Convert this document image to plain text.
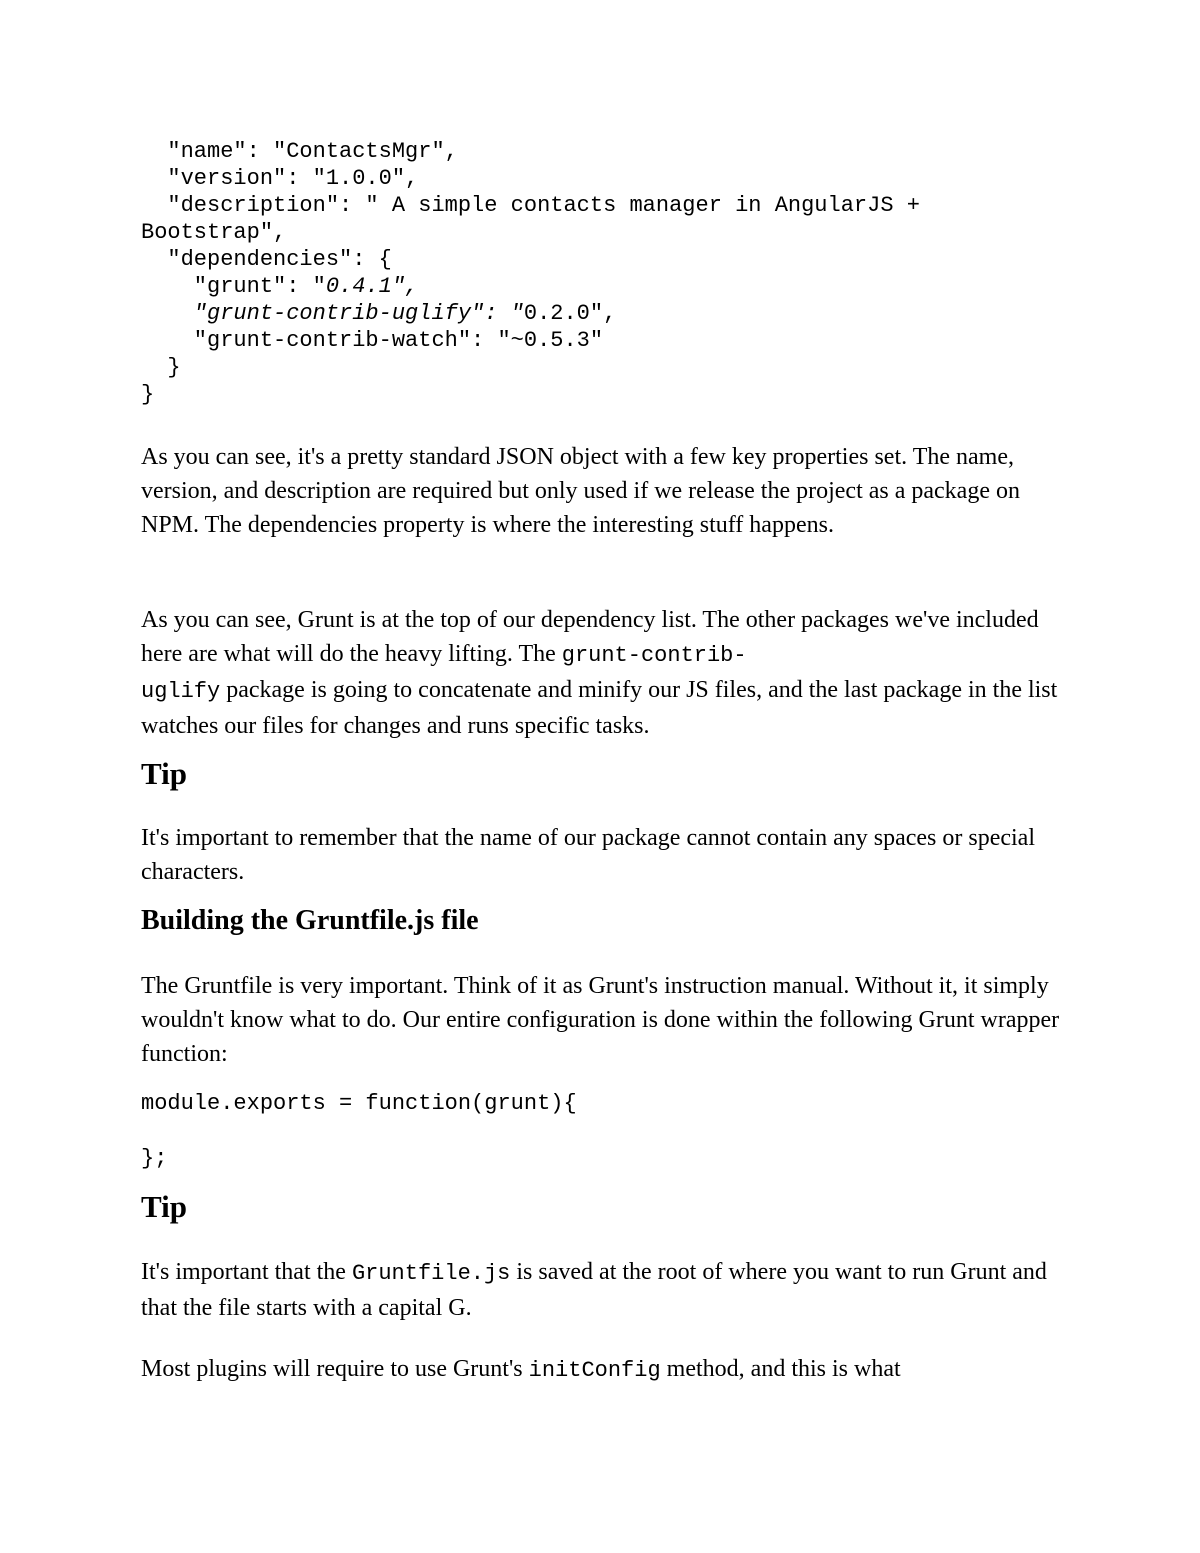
"name": "ContactsMgr",
"version": "1.0.0",
"description": " A simple contacts manager in AngularJS +
Bootstrap",
"dependencies": {
"grunt": "0.4.1",
"grunt-contrib-uglify": "0.2.0",
"grunt-contrib-watch": "~0.5.3"
}
}

As you can see, it's a pretty standard JSON object with a few key properties set. The name, version, and description are required but only used if we release the project as a package on NPM. The dependencies property is where the interesting stuff happens.

As you can see, Grunt is at the top of our dependency list. The other packages we've included here are what will do the heavy lifting. The grunt-contrib-
uglify package is going to concatenate and minify our JS files, and the last package in the list watches our files for changes and runs specific tasks.

Tip

It's important to remember that the name of our package cannot contain any spaces or special characters.

Building the Gruntfile.js file

The Gruntfile is very important. Think of it as Grunt's instruction manual. Without it, it simply wouldn't know what to do. Our entire configuration is done within the following Grunt wrapper function:

module.exports = function(grunt){
};
Tip

It's important that the Gruntfile.js is saved at the root of where you want to run Grunt and that the file starts with a capital G.

Most plugins will require to use Grunt's initConfig method, and this is what
